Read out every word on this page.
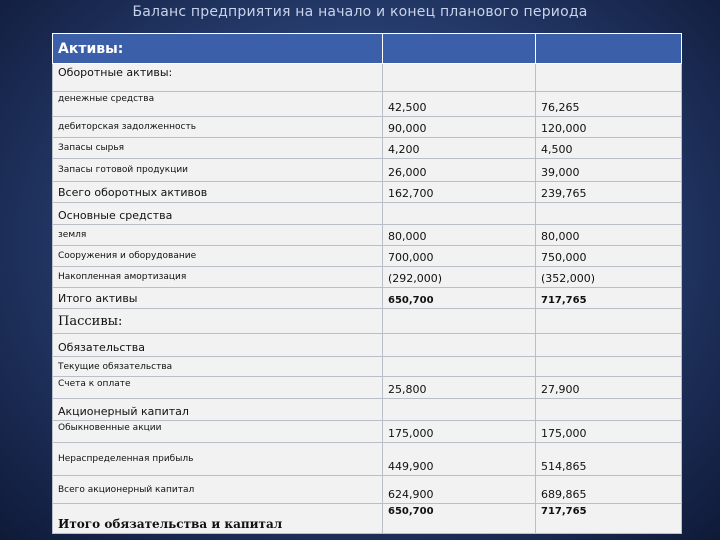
Баланс предприятия на начало и конец планового периода
Активы:		
Оборотные активы:		
денежные средства	42,500	76,265
дебиторская задолженность	90,000	120,000
Запасы сырья	4,200	4,500
Запасы готовой продукции	26,000	39,000
Всего оборотных активов	162,700	239,765
Основные средства		
земля	80,000	80,000
Сооружения и оборудование	700,000	750,000
Накопленная амортизация	(292,000)	(352,000)
Итого активы	650,700	717,765
Пассивы:		
Обязательства		
Текущие обязательства		
Счета к оплате	25,800	27,900
Акционерный капитал		
Обыкновенные акции	175,000	175,000
Нераспределенная прибыль	449,900	514,865
Всего акционерный капитал	624,900	689,865
Итого обязательства и капитал	650,700	717,765
